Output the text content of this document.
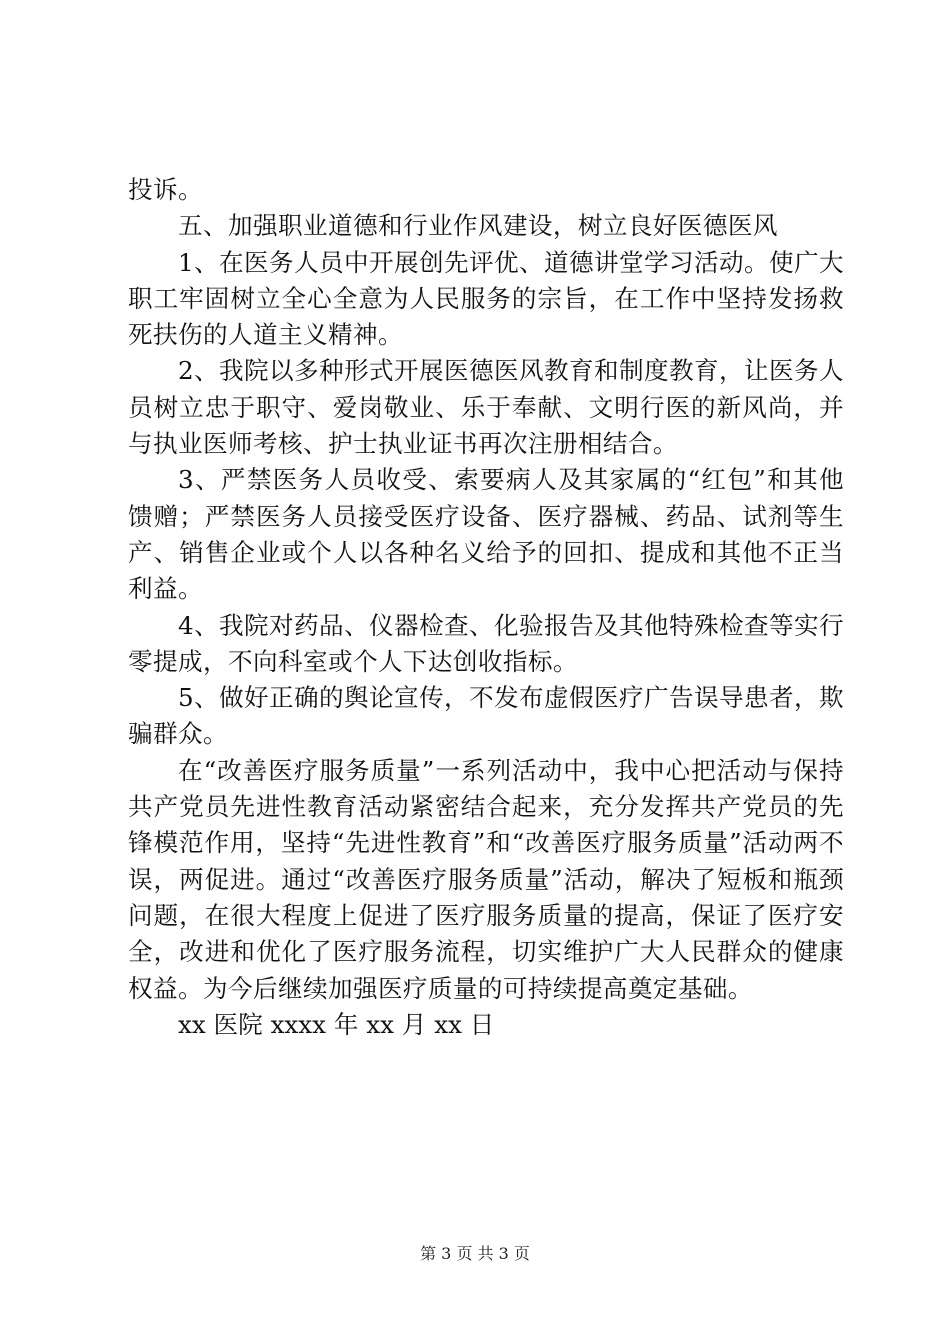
投诉。

五、加强职业道德和行业作风建设，树立良好医德医风

1、在医务人员中开展创先评优、道德讲堂学习活动。使广大职工牢固树立全心全意为人民服务的宗旨，在工作中坚持发扬救死扶伤的人道主义精神。

2、我院以多种形式开展医德医风教育和制度教育，让医务人员树立忠于职守、爱岗敬业、乐于奉献、文明行医的新风尚，并与执业医师考核、护士执业证书再次注册相结合。

3、严禁医务人员收受、索要病人及其家属的“红包”和其他馈赠；严禁医务人员接受医疗设备、医疗器械、药品、试剂等生产、销售企业或个人以各种名义给予的回扣、提成和其他不正当利益。

4、我院对药品、仪器检查、化验报告及其他特殊检查等实行零提成，不向科室或个人下达创收指标。

5、做好正确的舆论宣传，不发布虚假医疗广告误导患者，欺骗群众。

在“改善医疗服务质量”一系列活动中，我中心把活动与保持共产党员先进性教育活动紧密结合起来，充分发挥共产党员的先锋模范作用，坚持“先进性教育”和“改善医疗服务质量”活动两不误，两促进。通过“改善医疗服务质量”活动，解决了短板和瓶颈问题，在很大程度上促进了医疗服务质量的提高，保证了医疗安全，改进和优化了医疗服务流程，切实维护广大人民群众的健康权益。为今后继续加强医疗质量的可持续提高奠定基础。

xx 医院 xxxx 年 xx 月 xx 日

第 3 页 共 3 页
